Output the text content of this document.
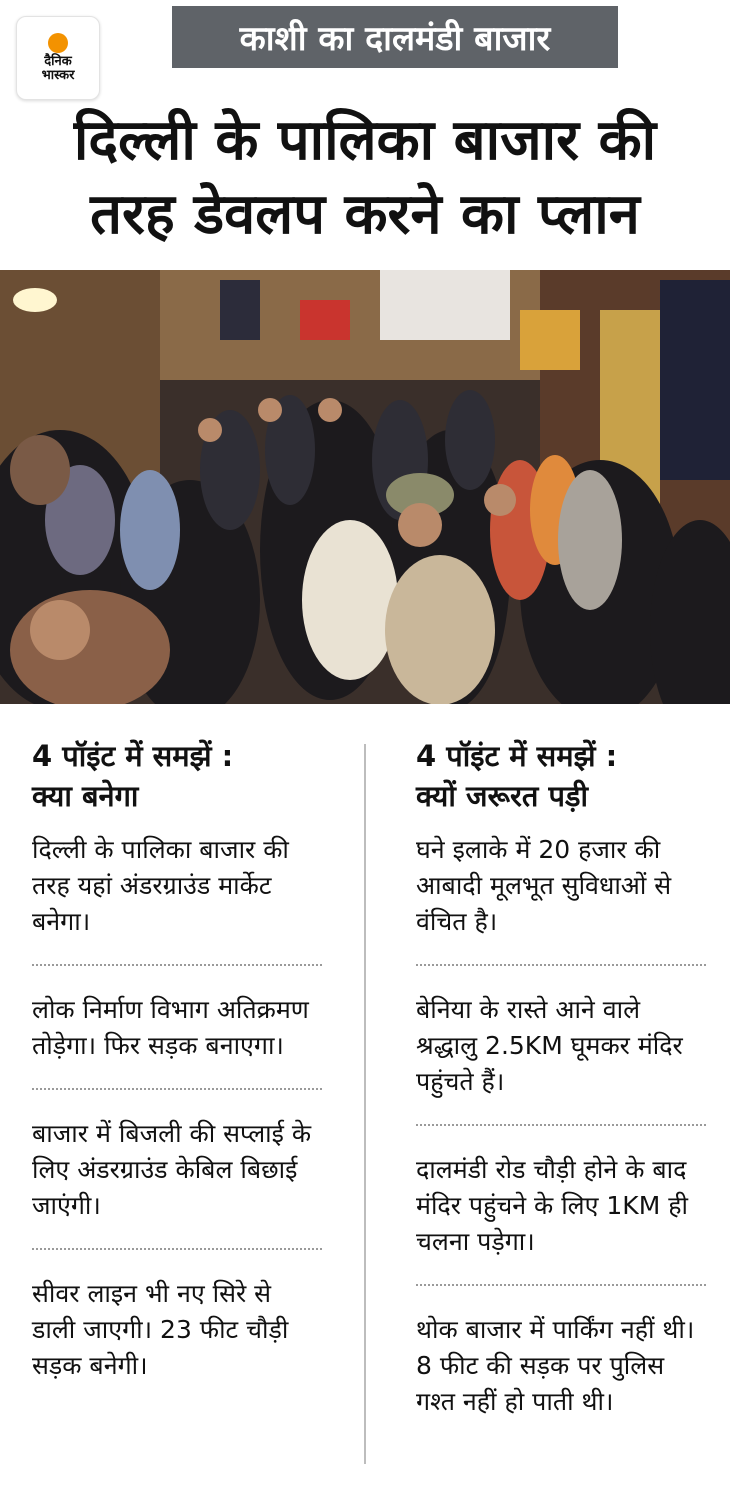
दैनिक
भास्कर
काशी का दालमंडी बाजार
दिल्ली के पालिका बाजार की
तरह डेवलप करने का प्लान
4 पॉइंट में समझें :
क्या बनेगा
दिल्ली के पालिका बाजार की तरह यहां अंडरग्राउंड मार्केट बनेगा।
लोक निर्माण विभाग अतिक्रमण तोड़ेगा। फिर सड़क बनाएगा।
बाजार में बिजली की सप्लाई के लिए अंडरग्राउंड केबिल बिछाई जाएंगी।
सीवर लाइन भी नए सिरे से डाली जाएगी। 23 फीट चौड़ी सड़क बनेगी।
4 पॉइंट में समझें :
क्यों जरूरत पड़ी
घने इलाके में 20 हजार की आबादी मूलभूत सुविधाओं से वंचित है।
बेनिया के रास्ते आने वाले श्रद्धालु 2.5KM घूमकर मंदिर पहुंचते हैं।
दालमंडी रोड चौड़ी होने के बाद मंदिर पहुंचने के लिए 1KM ही चलना पड़ेगा।
थोक बाजार में पार्किंग नहीं थी। 8 फीट की सड़क पर पुलिस गश्त नहीं हो पाती थी।
